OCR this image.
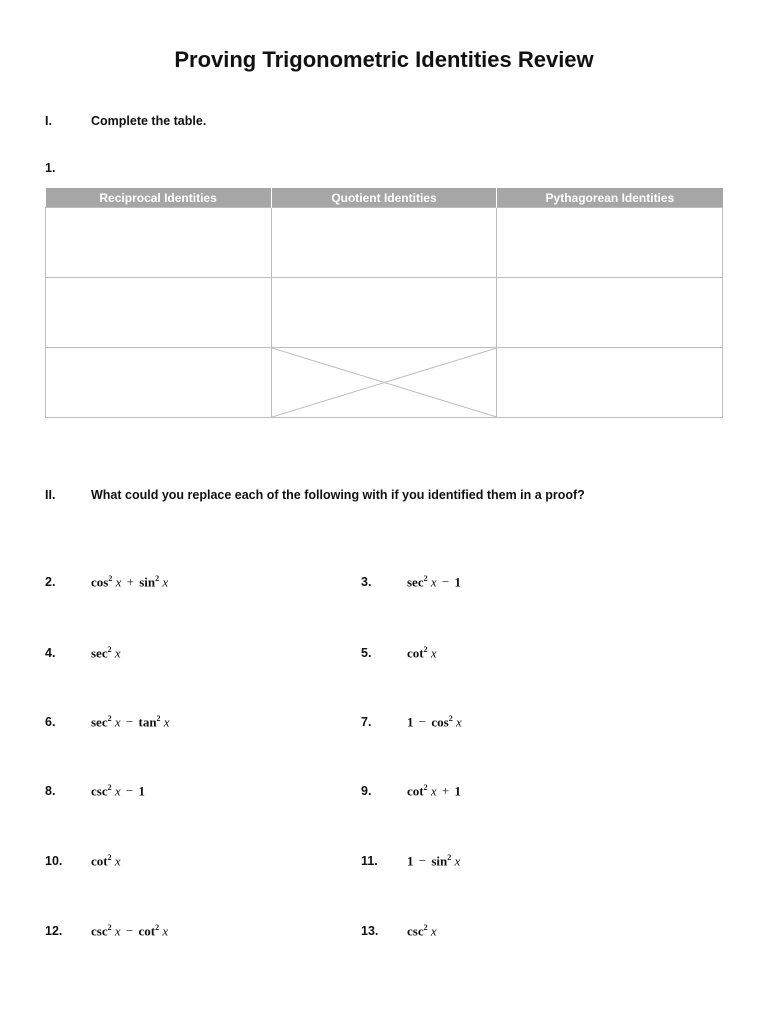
Proving Trigonometric Identities Review
I.	Complete the table.
1.
Reciprocal Identities	Quotient Identities	Pythagorean Identities

II.	What could you replace each of the following with if you identified them in a proof?
2.	$\cos^2 x + \sin^2 x$	3.	$\sec^2 x - 1$
4.	$\sec^2 x$	5.	$\cot^2 x$
6.	$\sec^2 x - \tan^2 x$	7.	$1 - \cos^2 x$
8.	$\csc^2 x - 1$	9.	$\cot^2 x + 1$
10. $\cot^2 x$	11. $1 - \sin^2 x$
12. $\csc^2 x - \cot^2 x$	13. $\csc^2 x$
